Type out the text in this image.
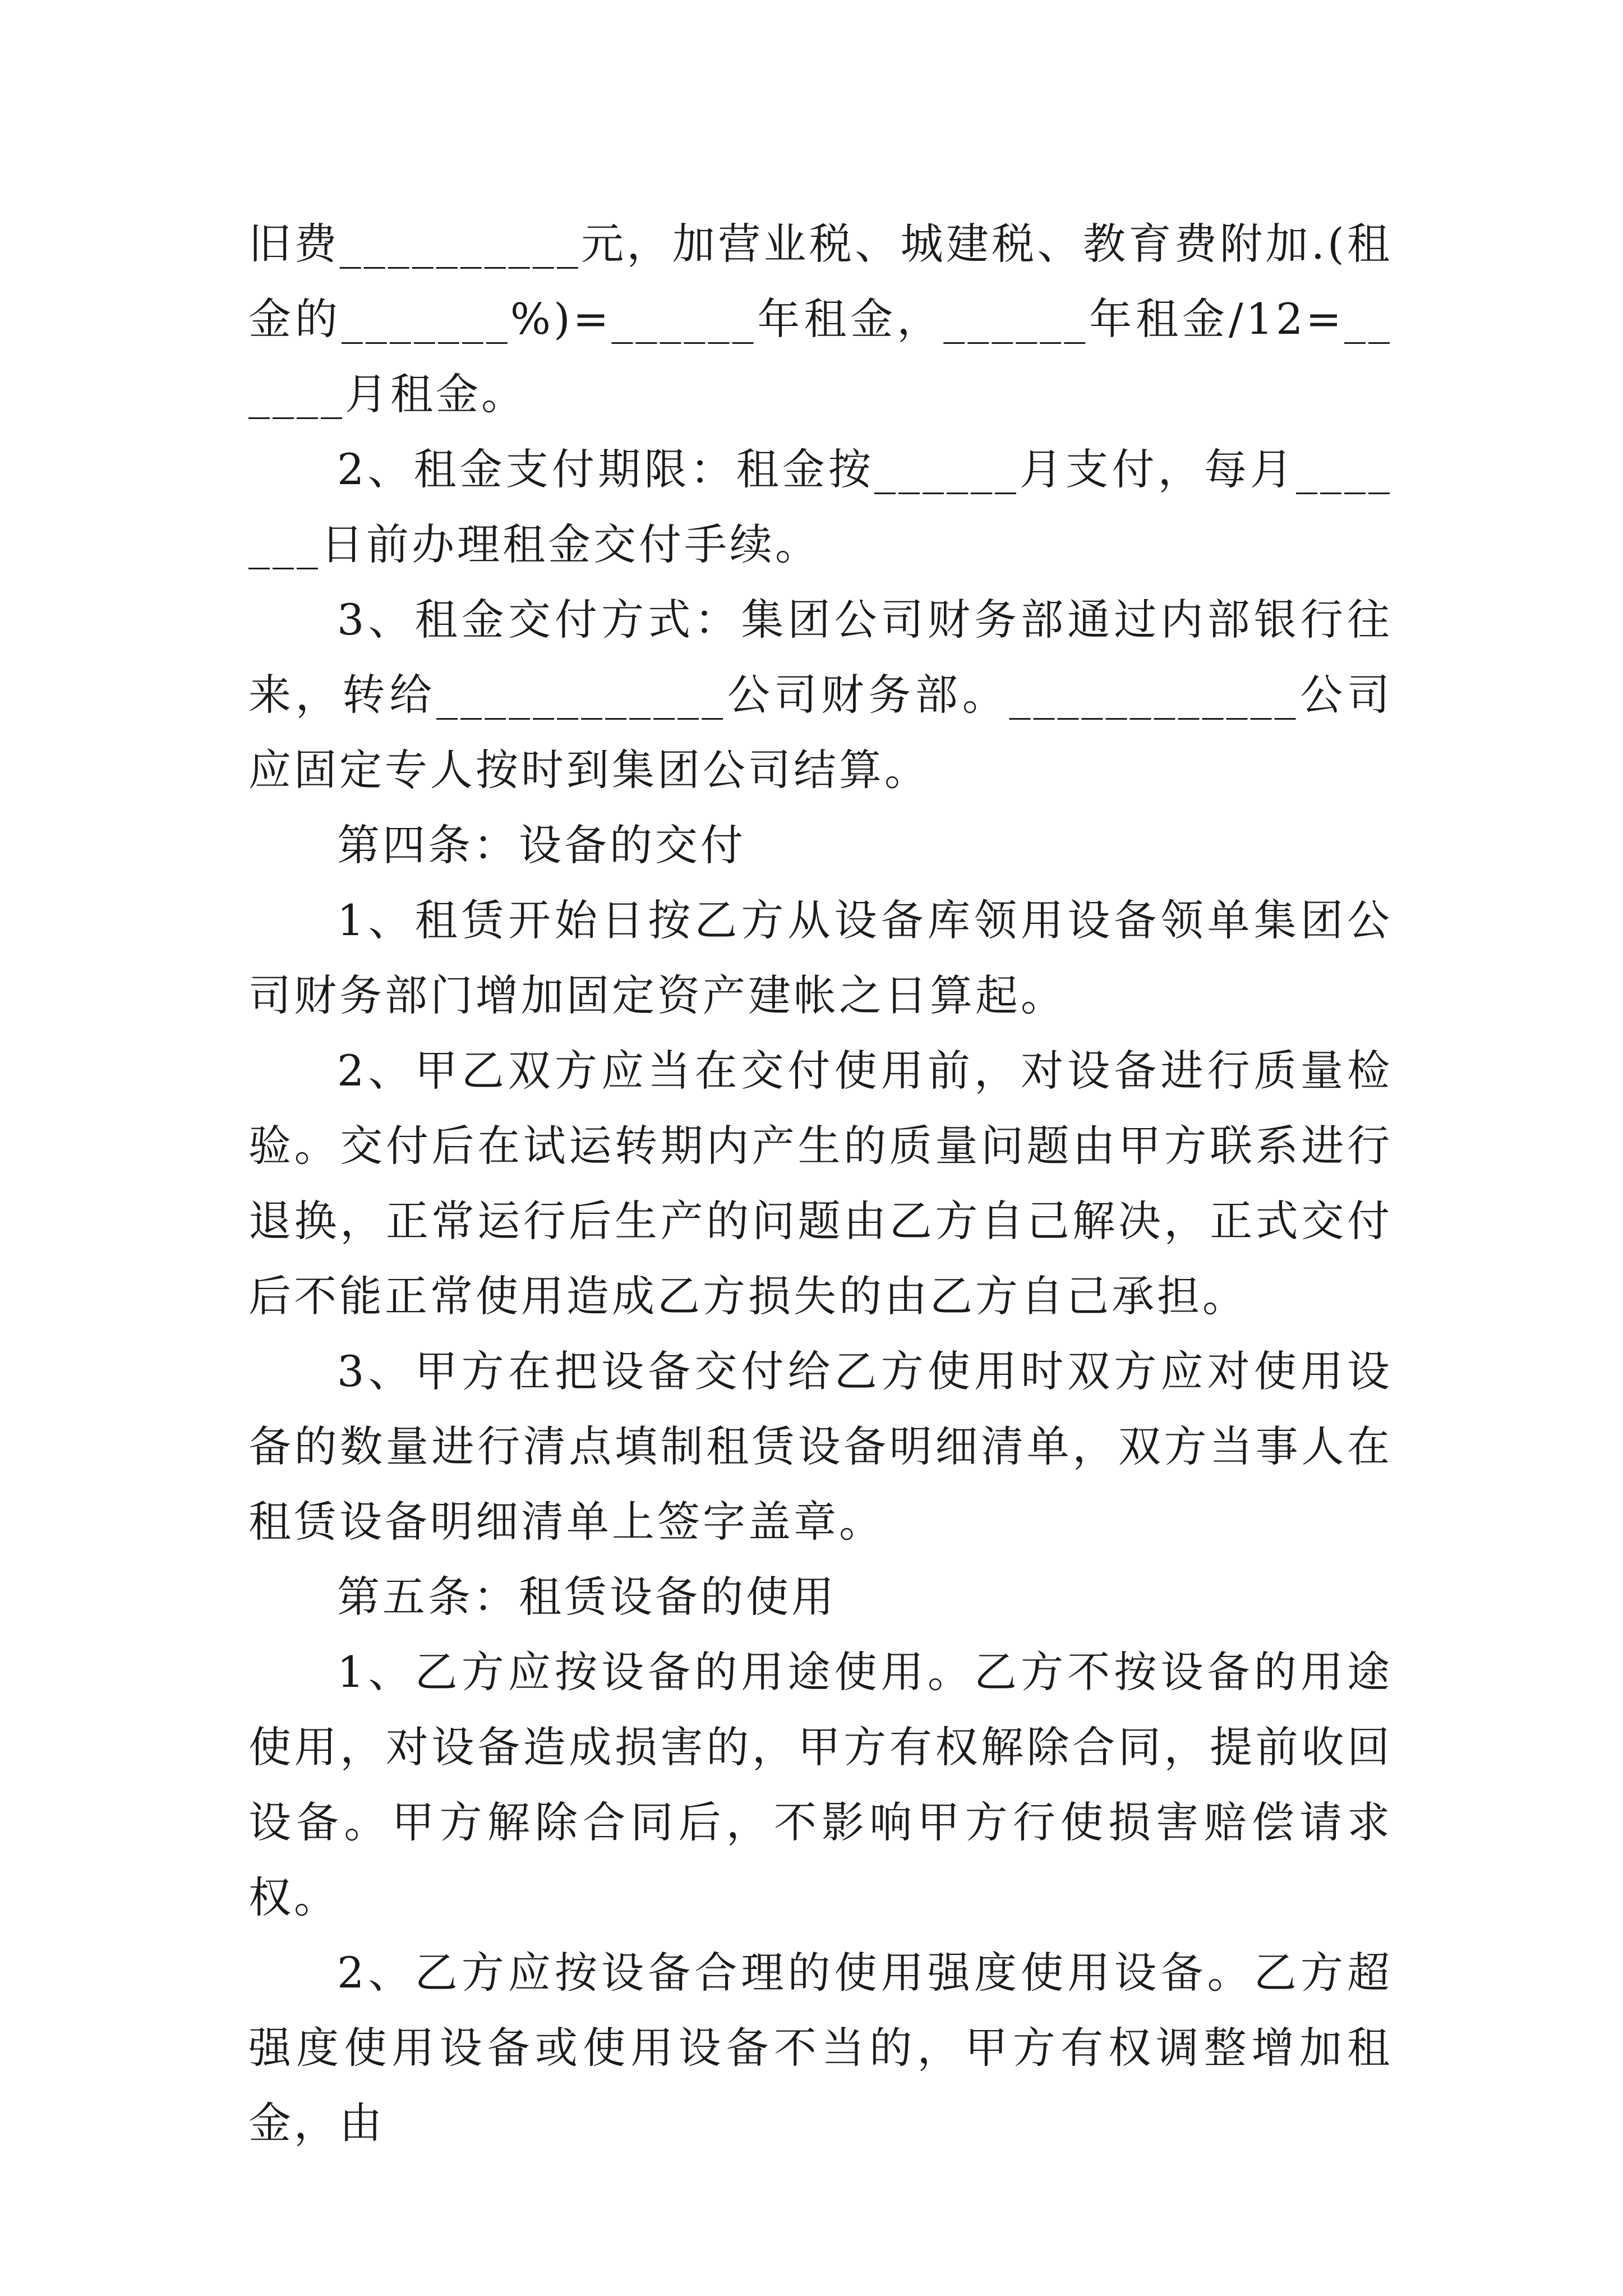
旧费__________元，加营业税、城建税、教育费附加.(租金的_______%)=______年租金，______年租金/12=______月租金。

2、租金支付期限：租金按______月支付，每月_______日前办理租金交付手续。

3、租金交付方式：集团公司财务部通过内部银行往来，转给____________公司财务部。____________公司应固定专人按时到集团公司结算。

第四条：设备的交付

1、租赁开始日按乙方从设备库领用设备领单集团公司财务部门增加固定资产建帐之日算起。

2、甲乙双方应当在交付使用前，对设备进行质量检验。交付后在试运转期内产生的质量问题由甲方联系进行退换，正常运行后生产的问题由乙方自己解决，正式交付后不能正常使用造成乙方损失的由乙方自己承担。

3、甲方在把设备交付给乙方使用时双方应对使用设备的数量进行清点填制租赁设备明细清单，双方当事人在租赁设备明细清单上签字盖章。

第五条：租赁设备的使用

1、乙方应按设备的用途使用。乙方不按设备的用途使用，对设备造成损害的，甲方有权解除合同，提前收回设备。甲方解除合同后，不影响甲方行使损害赔偿请求权。

2、乙方应按设备合理的使用强度使用设备。乙方超强度使用设备或使用设备不当的，甲方有权调整增加租金，由
